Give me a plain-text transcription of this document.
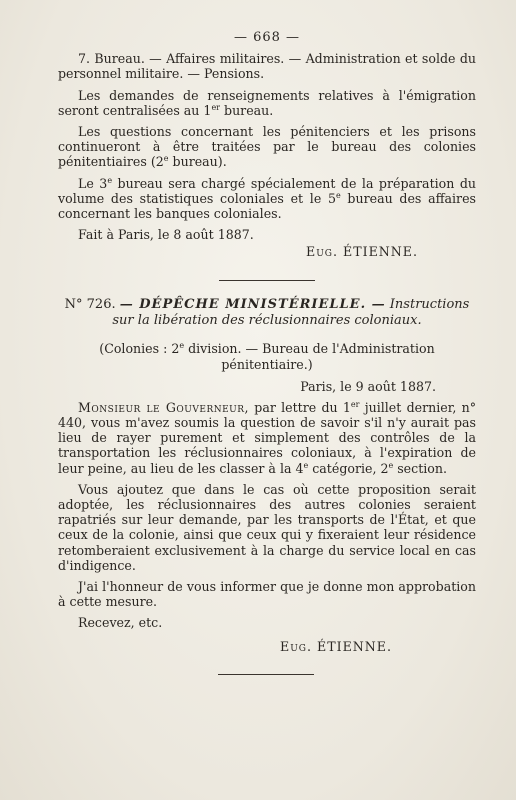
— 668 —

7. Bureau. — Affaires militaires. — Administration et solde du personnel militaire. — Pensions.

Les demandes de renseignements relatives à l'émigration seront centralisées au 1er bureau.

Les questions concernant les pénitenciers et les prisons continueront à être traitées par le bureau des colonies pénitentiaires (2e bureau).

Le 3e bureau sera chargé spécialement de la préparation du volume des statistiques coloniales et le 5e bureau des affaires concernant les banques coloniales.

Fait à Paris, le 8 août 1887.

Eug. ÉTIENNE.
N° 726. — DÉPÊCHE MINISTÉRIELLE. — Instructions
sur la libération des réclusionnaires coloniaux.
(Colonies : 2e division. — Bureau de l'Administration pénitentiaire.)
Paris, le 9 août 1887.

Monsieur le Gouverneur, par lettre du 1er juillet dernier, n° 440, vous m'avez soumis la question de savoir s'il n'y aurait pas lieu de rayer purement et simplement des contrôles de la transportation les réclusionnaires coloniaux, à l'expiration de leur peine, au lieu de les classer à la 4e catégorie, 2e section.

Vous ajoutez que dans le cas où cette proposition serait adoptée, les réclusionnaires des autres colonies seraient rapatriés sur leur demande, par les transports de l'État, et que ceux de la colonie, ainsi que ceux qui y fixeraient leur résidence retomberaient exclusivement à la charge du service local en cas d'indigence.

J'ai l'honneur de vous informer que je donne mon approbation à cette mesure.

Recevez, etc.

Eug. ÉTIENNE.
